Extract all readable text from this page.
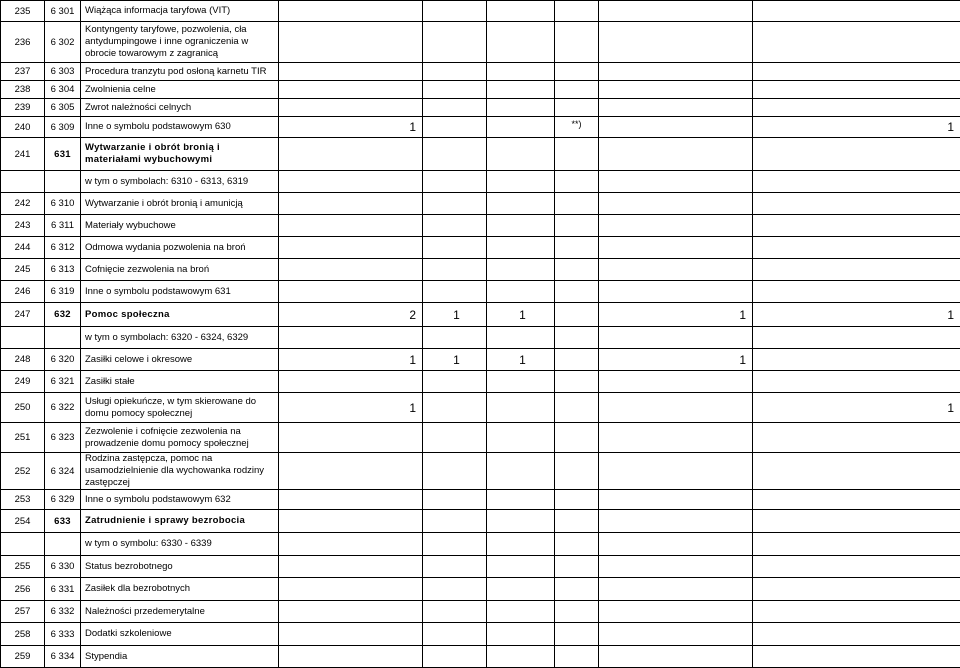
235	6 301	Wiążąca informacja taryfowa (VIT)						
236	6 302	Kontyngenty taryfowe, pozwolenia, cła antydumpingowe i inne ograniczenia w obrocie towarowym z zagranicą						
237	6 303	Procedura tranzytu pod osłoną karnetu TIR						
238	6 304	Zwolnienia celne						
239	6 305	Zwrot należności celnych						
240	6 309	Inne o symbolu podstawowym 630	1			**)		1
241	631	Wytwarzanie i obrót bronią i materiałami wybuchowymi						
		w tym o symbolach: 6310 - 6313, 6319						
242	6 310	Wytwarzanie i obrót bronią i amunicją						
243	6 311	Materiały wybuchowe						
244	6 312	Odmowa wydania pozwolenia na broń						
245	6 313	Cofnięcie zezwolenia na broń						
246	6 319	Inne o symbolu podstawowym 631						
247	632	Pomoc społeczna	2	1	1		1	1
		w tym o symbolach: 6320 - 6324, 6329						
248	6 320	Zasiłki celowe i okresowe	1	1	1		1	
249	6 321	Zasiłki stałe						
250	6 322	Usługi opiekuńcze, w tym skierowane do domu pomocy społecznej	1					1
251	6 323	Zezwolenie i cofnięcie zezwolenia na prowadzenie domu pomocy społecznej						
252	6 324	Rodzina zastępcza, pomoc na usamodzielnienie dla wychowanka rodziny zastępczej						
253	6 329	Inne o symbolu podstawowym 632						
254	633	Zatrudnienie i sprawy bezrobocia						
		w tym o symbolu: 6330 - 6339						
255	6 330	Status bezrobotnego						
256	6 331	Zasiłek dla bezrobotnych						
257	6 332	Należności przedemerytalne						
258	6 333	Dodatki szkoleniowe						
259	6 334	Stypendia						
